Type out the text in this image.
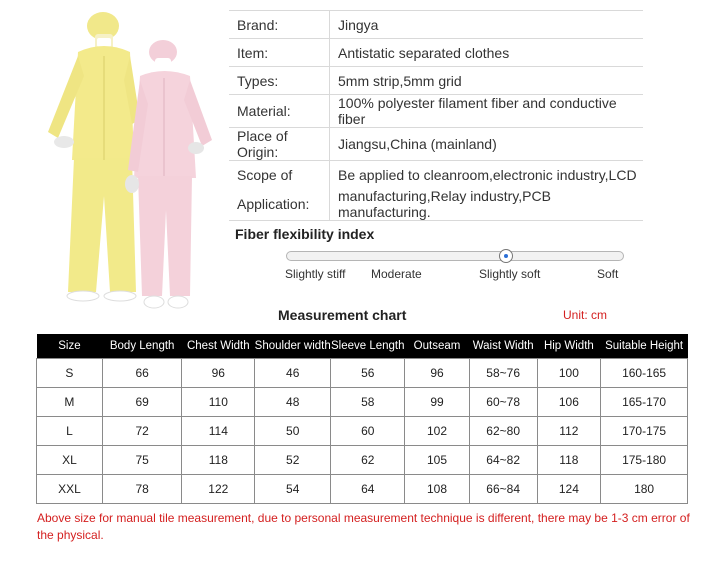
Brand:	Jingya
Item:	Antistatic separated clothes
Types:	5mm strip,5mm grid
Material:	100% polyester filament fiber and conductive fiber
Place of Origin:	Jiangsu,China (mainland)
Scope of	Be applied to cleanroom,electronic industry,LCD
Application:	manufacturing,Relay industry,PCB manufacturing.
Fiber flexibility index
Slightly stiff Moderate	Slightly soft	Soft
Measurement chart	Unit: cm
Size	Body Length	Chest Width	Shoulder width	Sleeve Length	Outseam	Waist Width	Hip Width	Suitable Height
S	66	96	46	56	96	58~76	100	160-165
M	69	110	48	58	99	60~78	106	165-170
L	72	114	50	60	102	62~80	112	170-175
XL	75	118	52	62	105	64~82	118	175-180
XXL	78	122	54	64	108	66~84	124	180
Above size for manual tile measurement, due to personal measurement technique is different, there may be 1-3 cm error of the physical.
